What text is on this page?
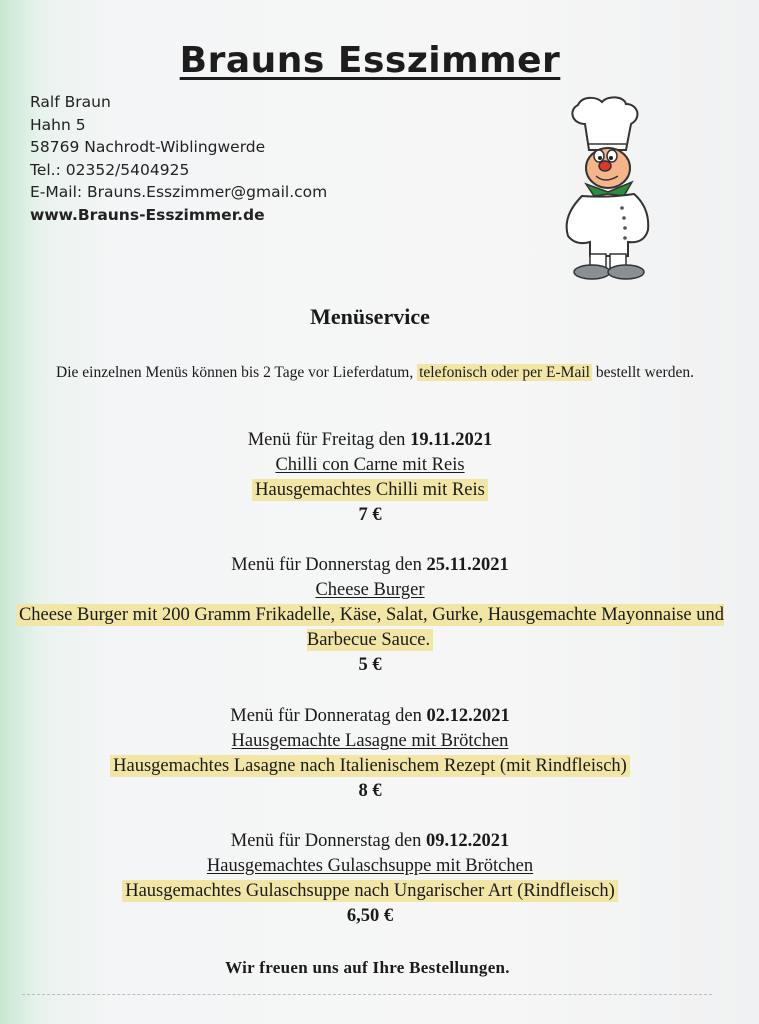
Brauns Esszimmer
Ralf Braun
Hahn 5
58769 Nachrodt-Wiblingwerde
Tel.: 02352/5404925
E-Mail: Brauns.Esszimmer@gmail.com
www.Brauns-Esszimmer.de
Menüservice
Die einzelnen Menüs können bis 2 Tage vor Lieferdatum, telefonisch oder per E-Mail bestellt werden.
Menü für Freitag den 19.11.2021
Chilli con Carne mit Reis
Hausgemachtes Chilli mit Reis
7 €
Menü für Donnerstag den 25.11.2021
Cheese Burger
Cheese Burger mit 200 Gramm Frikadelle, Käse, Salat, Gurke, Hausgemachte Mayonnaise und Barbecue Sauce.
5 €
Menü für Donneratag den 02.12.2021
Hausgemachte Lasagne mit Brötchen
Hausgemachtes Lasagne nach Italienischem Rezept (mit Rindfleisch)
8 €
Menü für Donnerstag den 09.12.2021
Hausgemachtes Gulaschsuppe mit Brötchen
Hausgemachtes Gulaschsuppe nach Ungarischer Art (Rindfleisch)
6,50 €
Wir freuen uns auf Ihre Bestellungen.
